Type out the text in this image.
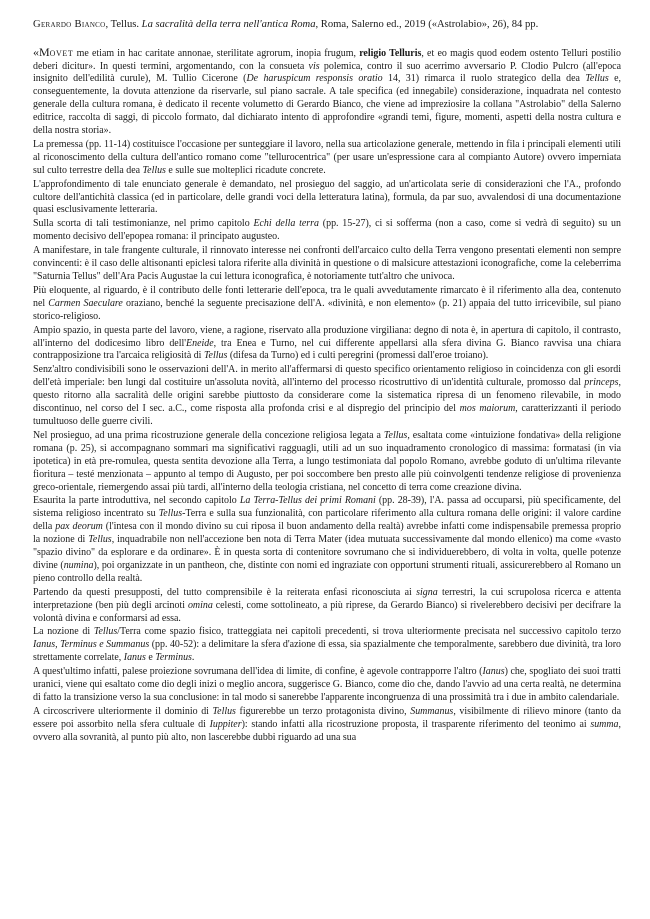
Gerardo Bianco, Tellus. La sacralità della terra nell'antica Roma, Roma, Salerno ed., 2019 («Astrolabio», 26), 84 pp.

«Movet me etiam in hac caritate annonae, sterilitate agrorum, inopia frugum, religio Telluris, et eo magis quod eodem ostento Telluri postilio deberi dicitur». In questi termini, argomentando, con la consueta vis polemica, contro il suo acerrimo avversario P. Clodio Pulcro (all'epoca insignito dell'edilità curule), M. Tullio Cicerone (De haruspicum responsis oratio 14, 31) rimarca il ruolo strategico della dea Tellus e, conseguentemente, la dovuta attenzione da riservarle, sul piano sacrale. A tale specifica (ed innegabile) considerazione, inquadrata nel contesto generale della cultura romana, è dedicato il recente volumetto di Gerardo Bianco, che viene ad impreziosire la collana "Astrolabio" della Salerno editrice, raccolta di saggi, di piccolo formato, dal dichiarato intento di approfondire «grandi temi, figure, momenti, aspetti della nostra cultura e della nostra storia».

La premessa (pp. 11-14) costituisce l'occasione per sunteggiare il lavoro, nella sua articolazione generale, mettendo in fila i principali elementi utili al riconoscimento della cultura dell'antico romano come "tellurocentrica" (per usare un'espressione cara al compianto Autore) ovvero imperniata sul culto terrestre della dea Tellus e sulle sue molteplici ricadute concrete.

L'approfondimento di tale enunciato generale è demandato, nel prosieguo del saggio, ad un'articolata serie di considerazioni che l'A., profondo cultore dell'antichità classica (ed in particolare, delle grandi voci della letteratura latina), formula, da par suo, avvalendosi di una documentazione quasi esclusivamente letteraria.

Sulla scorta di tali testimonianze, nel primo capitolo Echi della terra (pp. 15-27), ci si sofferma (non a caso, come si vedrà di seguito) su un momento decisivo dell'epopea romana: il principato augusteo.

A manifestare, in tale frangente culturale, il rinnovato interesse nei confronti dell'arcaico culto della Terra vengono presentati elementi non sempre convincenti: è il caso delle altisonanti epiclesi talora riferite alla divinità in questione o di malsicure attestazioni iconografiche, come la celeberrima "Saturnia Tellus" dell'Ara Pacis Augustae la cui lettura iconografica, è notoriamente tutt'altro che univoca.

Più eloquente, al riguardo, è il contributo delle fonti letterarie dell'epoca, tra le quali avvedutamente rimarcato è il riferimento alla dea, contenuto nel Carmen Saeculare oraziano, benché la seguente precisazione dell'A. «divinità, e non elemento» (p. 21) appaia del tutto irricevibile, sul piano storico-religioso.

Ampio spazio, in questa parte del lavoro, viene, a ragione, riservato alla produzione virgiliana: degno di nota è, in apertura di capitolo, il contrasto, all'interno del dodicesimo libro dell'Eneide, tra Enea e Turno, nel cui differente appellarsi alla sfera divina G. Bianco ravvisa una chiara contrapposizione tra l'arcaica religiosità di Tellus (difesa da Turno) ed i culti peregrini (promessi dall'eroe troiano).

Senz'altro condivisibili sono le osservazioni dell'A. in merito all'affermarsi di questo specifico orientamento religioso in coincidenza con gli esordi dell'età imperiale: ben lungi dal costituire un'assoluta novità, all'interno del processo ricostruttivo di un'identità culturale, promosso dal princeps, questo ritorno alla sacralità delle origini sarebbe piuttosto da considerare come la sistematica ripresa di un fenomeno rilevabile, in modo discontinuo, nel corso del I sec. a.C., come risposta alla profonda crisi e al dispregio del principio del mos maiorum, caratterizzanti il periodo tumultuoso delle guerre civili.

Nel prosieguo, ad una prima ricostruzione generale della concezione religiosa legata a Tellus, esaltata come «intuizione fondativa» della religione romana (p. 25), si accompagnano sommari ma significativi ragguagli, utili ad un suo inquadramento cronologico di massima: formatasi (in via ipotetica) in età pre-romulea, questa sentita devozione alla Terra, a lungo testimoniata dal popolo Romano, avrebbe goduto di un'ultima rilevante fioritura – testé menzionata – appunto al tempo di Augusto, per poi soccombere ben presto alle più coinvolgenti tendenze religiose di provenienza greco-orientale, riemergendo assai più tardi, all'interno della teologia cristiana, nel concetto di terra come creazione divina.

Esaurita la parte introduttiva, nel secondo capitolo La Terra-Tellus dei primi Romani (pp. 28-39), l'A. passa ad occuparsi, più specificamente, del sistema religioso incentrato su Tellus-Terra e sulla sua funzionalità, con particolare riferimento alla cultura romana delle origini: il valore cardine della pax deorum (l'intesa con il mondo divino su cui riposa il buon andamento della realtà) avrebbe infatti come indispensabile premessa proprio la nozione di Tellus, inquadrabile non nell'accezione ben nota di Terra Mater (idea mutuata successivamente dal mondo ellenico) ma come «vasto "spazio divino" da esplorare e da ordinare». È in questa sorta di contenitore sovrumano che si individuerebbero, di volta in volta, quelle potenze divine (numina), poi organizzate in un pantheon, che, distinte con nomi ed ingraziate con opportuni strumenti rituali, assicurerebbero al Romano un pieno controllo della realtà.

Partendo da questi presupposti, del tutto comprensibile è la reiterata enfasi riconosciuta ai signa terrestri, la cui scrupolosa ricerca e attenta interpretazione (ben più degli arcinoti omina celesti, come sottolineato, a più riprese, da Gerardo Bianco) si rivelerebbero decisivi per decifrare la volontà divina e conformarsi ad essa.

La nozione di Tellus/Terra come spazio fisico, tratteggiata nei capitoli precedenti, si trova ulteriormente precisata nel successivo capitolo terzo Ianus, Terminus e Summanus (pp. 40-52): a delimitare la sfera d'azione di essa, sia spazialmente che temporalmente, sarebbero due divinità, tra loro strettamente correlate, Ianus e Terminus.

A quest'ultimo infatti, palese proiezione sovrumana dell'idea di limite, di confine, è agevole contrapporre l'altro (Ianus) che, spogliato dei suoi tratti uranici, viene qui esaltato come dio degli inizi o meglio ancora, suggerisce G. Bianco, come dio che, dando l'avvio ad una certa realtà, ne determina di fatto la transizione verso la sua conclusione: in tal modo si sanerebbe l'apparente incongruenza di una prossimità tra i due in ambito calendariale.

A circoscrivere ulteriormente il dominio di Tellus figurerebbe un terzo protagonista divino, Summanus, visibilmente di rilievo minore (tanto da essere poi assorbito nella sfera cultuale di Iuppiter): stando infatti alla ricostruzione proposta, il trasparente riferimento del teonimo ai summa, ovvero alla sovranità, al punto più alto, non lascerebbe dubbi riguardo ad una sua
